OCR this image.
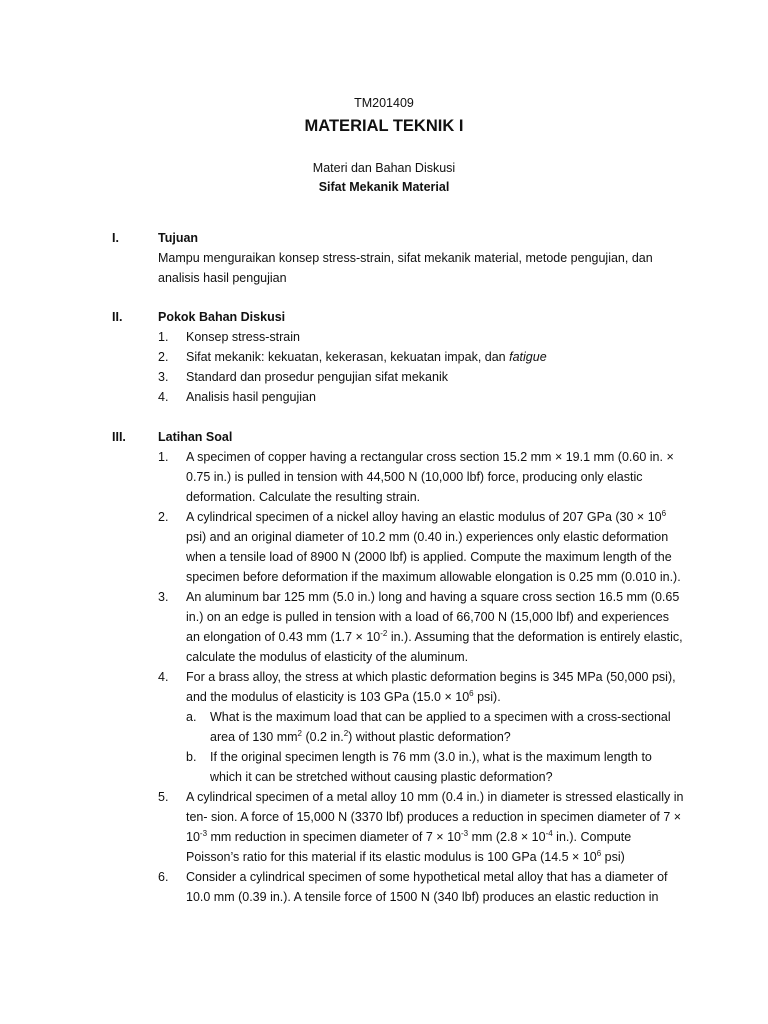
TM201409
MATERIAL TEKNIK I
Materi dan Bahan Diskusi
Sifat Mekanik Material
I.	Tujuan
Mampu menguraikan konsep stress-strain, sifat mekanik material, metode pengujian, dan analisis hasil pengujian
II.	Pokok Bahan Diskusi
1. Konsep stress-strain
2. Sifat mekanik: kekuatan, kekerasan, kekuatan impak, dan fatigue
3. Standard dan prosedur pengujian sifat mekanik
4. Analisis hasil pengujian
III.	Latihan Soal
1. A specimen of copper having a rectangular cross section 15.2 mm × 19.1 mm (0.60 in. × 0.75 in.) is pulled in tension with 44,500 N (10,000 lbf) force, producing only elastic deformation. Calculate the resulting strain.
2. A cylindrical specimen of a nickel alloy having an elastic modulus of 207 GPa ($30 \times 10^6$ psi) and an original diameter of 10.2 mm (0.40 in.) experiences only elastic deformation when a tensile load of 8900 N (2000 lbf) is applied. Compute the maximum length of the specimen before deformation if the maximum allowable elongation is 0.25 mm (0.010 in.).
3. An aluminum bar 125 mm (5.0 in.) long and having a square cross section 16.5 mm (0.65 in.) on an edge is pulled in tension with a load of 66,700 N (15,000 lbf) and experiences an elongation of 0.43 mm ($1.7 \times 10^{-2}$ in.). Assuming that the deformation is entirely elastic, calculate the modulus of elasticity of the aluminum.
4. For a brass alloy, the stress at which plastic deformation begins is 345 MPa (50,000 psi), and the modulus of elasticity is 103 GPa ($15.0 \times 10^6$ psi).
a. What is the maximum load that can be applied to a specimen with a cross-sectional area of 130 $mm^2$ (0.2 in.$^2$) without plastic deformation?
b. If the original specimen length is 76 mm (3.0 in.), what is the maximum length to which it can be stretched without causing plastic deformation?
5. A cylindrical specimen of a metal alloy 10 mm (0.4 in.) in diameter is stressed elastically in ten- sion. A force of 15,000 N (3370 lbf) produces a reduction in specimen diameter of $7 \times 10^{-3}$ mm reduction in specimen diameter of $7 \times 10^{-3}$ mm ($2.8 \times 10^{-4}$ in.). Compute Poisson’s ratio for this material if its elastic modulus is 100 GPa ($14.5 \times 10^6$ psi)
6. Consider a cylindrical specimen of some hypothetical metal alloy that has a diameter of 10.0 mm (0.39 in.). A tensile force of 1500 N (340 lbf) produces an elastic reduction in
